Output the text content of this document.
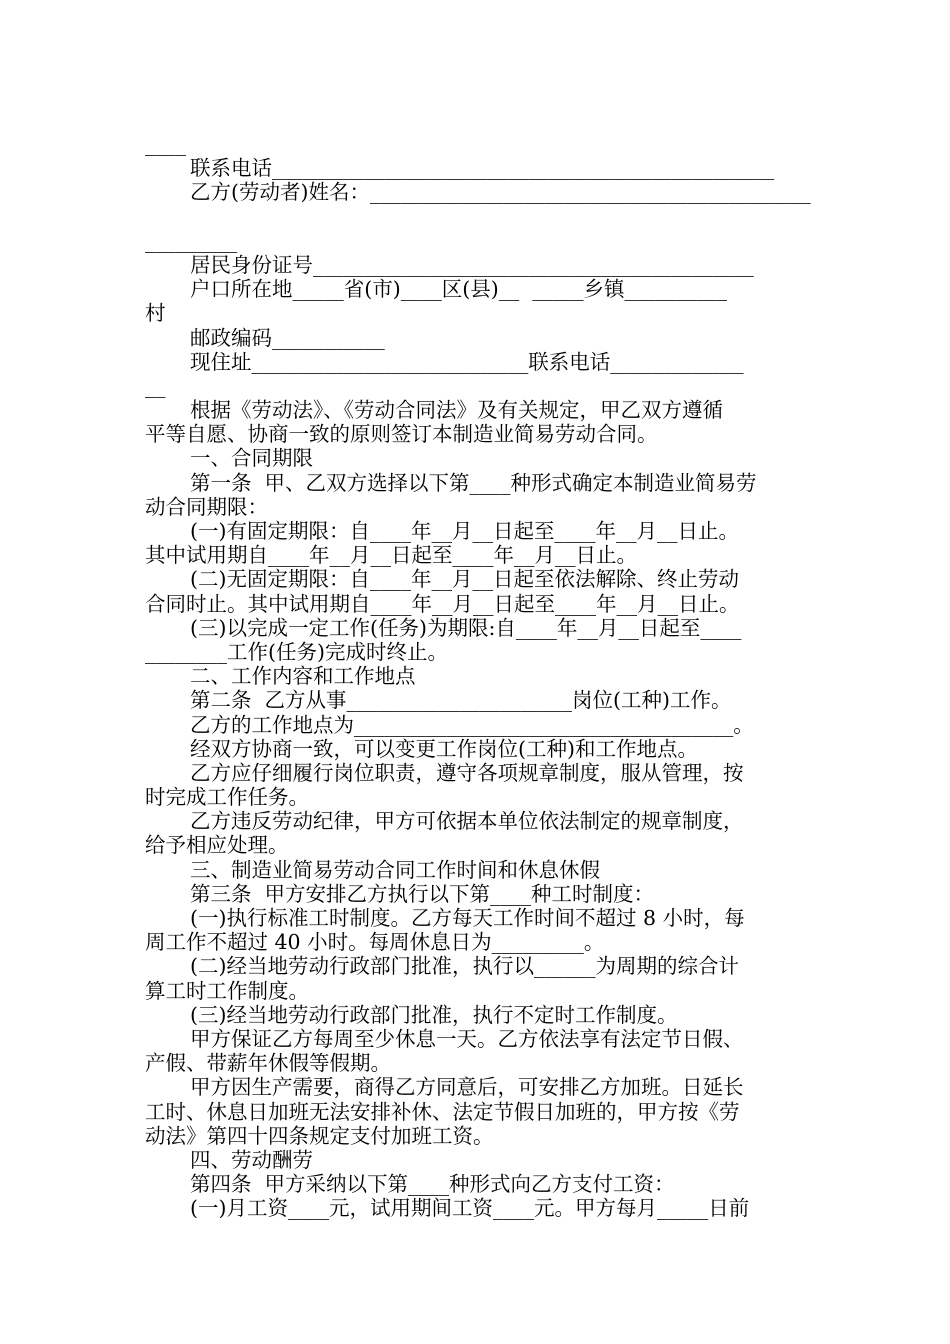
____
联系电话_________________________________________________
乙方(劳动者)姓名：___________________________________________
_________
居民身份证号___________________________________________
户口所在地_____省(市)____区(县)__  _____乡镇__________
村
邮政编码___________
现住址___________________________联系电话_____________
__
根据《劳动法》、《劳动合同法》及有关规定，甲乙双方遵循
平等自愿、协商一致的原则签订本制造业简易劳动合同。
一、合同期限
第一条  甲、乙双方选择以下第____种形式确定本制造业简易劳
动合同期限：
(一)有固定期限：自____年__月__日起至____年__月__日止。
其中试用期自____年__月__日起至____年__月__日止。
(二)无固定期限：自____年__月__日起至依法解除、终止劳动
合同时止。其中试用期自____年__月__日起至____年__月__日止。
(三)以完成一定工作(任务)为期限:自____年__月__日起至____
________工作(任务)完成时终止。
二、工作内容和工作地点
第二条  乙方从事______________________岗位(工种)工作。
乙方的工作地点为_____________________________________。
经双方协商一致，可以变更工作岗位(工种)和工作地点。
乙方应仔细履行岗位职责，遵守各项规章制度，服从管理，按
时完成工作任务。
乙方违反劳动纪律，甲方可依据本单位依法制定的规章制度，
给予相应处理。
三、制造业简易劳动合同工作时间和休息休假
第三条  甲方安排乙方执行以下第____种工时制度：
(一)执行标准工时制度。乙方每天工作时间不超过 8 小时，每
周工作不超过 40 小时。每周休息日为_________。
(二)经当地劳动行政部门批准，执行以______为周期的综合计
算工时工作制度。
(三)经当地劳动行政部门批准，执行不定时工作制度。
甲方保证乙方每周至少休息一天。乙方依法享有法定节日假、
产假、带薪年休假等假期。
甲方因生产需要，商得乙方同意后，可安排乙方加班。日延长
工时、休息日加班无法安排补休、法定节假日加班的，甲方按《劳
动法》第四十四条规定支付加班工资。
四、劳动酬劳
第四条  甲方采纳以下第____种形式向乙方支付工资：
(一)月工资____元，试用期间工资____元。甲方每月_____日前
